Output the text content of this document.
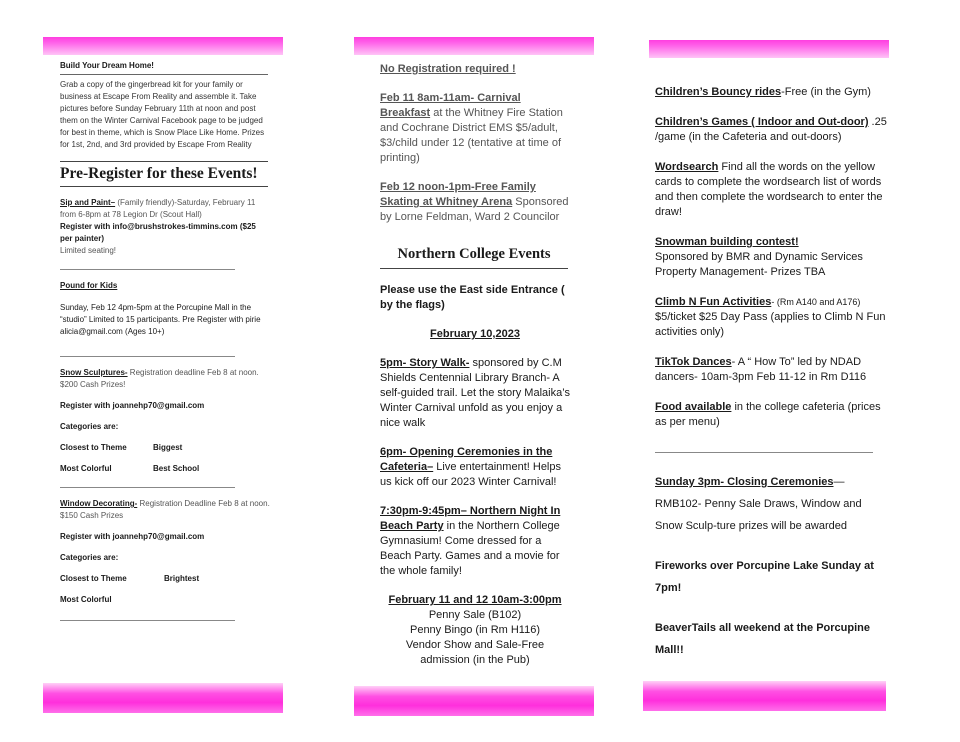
Build Your Dream Home!
Grab a copy of the gingerbread kit for your family or business at Escape From Reality and assemble it. Take pictures before Sunday February 11th at noon and post them on the Winter Carnival Facebook page to be judged for best in theme, which is Snow Place Like Home. Prizes for 1st, 2nd, and 3rd provided by Escape From Reality
Pre-Register for these Events!
Sip and Paint– (Family friendly)-Saturday, February 11 from 6-8pm at 78 Legion Dr (Scout Hall)
Register with info@brushstrokes-timmins.com ($25 per painter)
Limited seating!
Pound for Kids
Sunday, Feb 12 4pm-5pm at the Porcupine Mall in the “studio” Limited to 15 participants. Pre Register with pirie alicia@gmail.com (Ages 10+)
Snow Sculptures- Registration deadline Feb 8 at noon. $200 Cash Prizes!
Register with joannehp70@gmail.com
Categories are:
Closest to Theme	Biggest
Most Colorful	Best School
Window Decorating- Registration Deadline Feb 8 at noon. $150 Cash Prizes
Register with joannehp70@gmail.com
Categories are:
Closest to Theme	Brightest
Most Colorful
No Registration required !
Feb 11 8am-11am- Carnival Breakfast at the Whitney Fire Station and Cochrane District EMS $5/adult, $3/child under 12 (tentative at time of printing)
Feb 12 noon-1pm-Free Family Skating at Whitney Arena Sponsored by Lorne Feldman, Ward 2 Councilor
Northern College Events
Please use the East side Entrance ( by the flags)
February 10,2023
5pm- Story Walk- sponsored by C.M Shields Centennial Library Branch- A self-guided trail. Let the story Malaika’s Winter Carnival unfold as you enjoy a nice walk
6pm- Opening Ceremonies in the Cafeteria– Live entertainment! Helps us kick off our 2023 Winter Carnival!
7:30pm-9:45pm– Northern Night In Beach Party in the Northern College Gymnasium! Come dressed for a Beach Party. Games and a movie for the whole family!
February 11 and 12 10am-3:00pm
Penny Sale (B102)
Penny Bingo (in Rm H116)
Vendor Show and Sale-Free admission (in the Pub)
Children’s Bouncy rides-Free (in the Gym)
Children’s Games ( Indoor and Out-door) .25 /game (in the Cafeteria and out-doors)
Wordsearch Find all the words on the yellow cards to complete the wordsearch list of words and then complete the wordsearch to enter the draw!
Snowman building contest!
Sponsored by BMR and Dynamic Services Property Management- Prizes TBA
Climb N Fun Activities- (Rm A140 and A176)
$5/ticket $25 Day Pass (applies to Climb N Fun activities only)
TikTok Dances- A “ How To” led by NDAD dancers- 10am-3pm Feb 11-12 in Rm D116
Food available in the college cafeteria (prices as per menu)
Sunday 3pm- Closing Ceremonies— RMB102- Penny Sale Draws, Window and Snow Sculp-ture prizes will be awarded
Fireworks over Porcupine Lake Sunday at 7pm!
BeaverTails all weekend at the Porcupine Mall!!
